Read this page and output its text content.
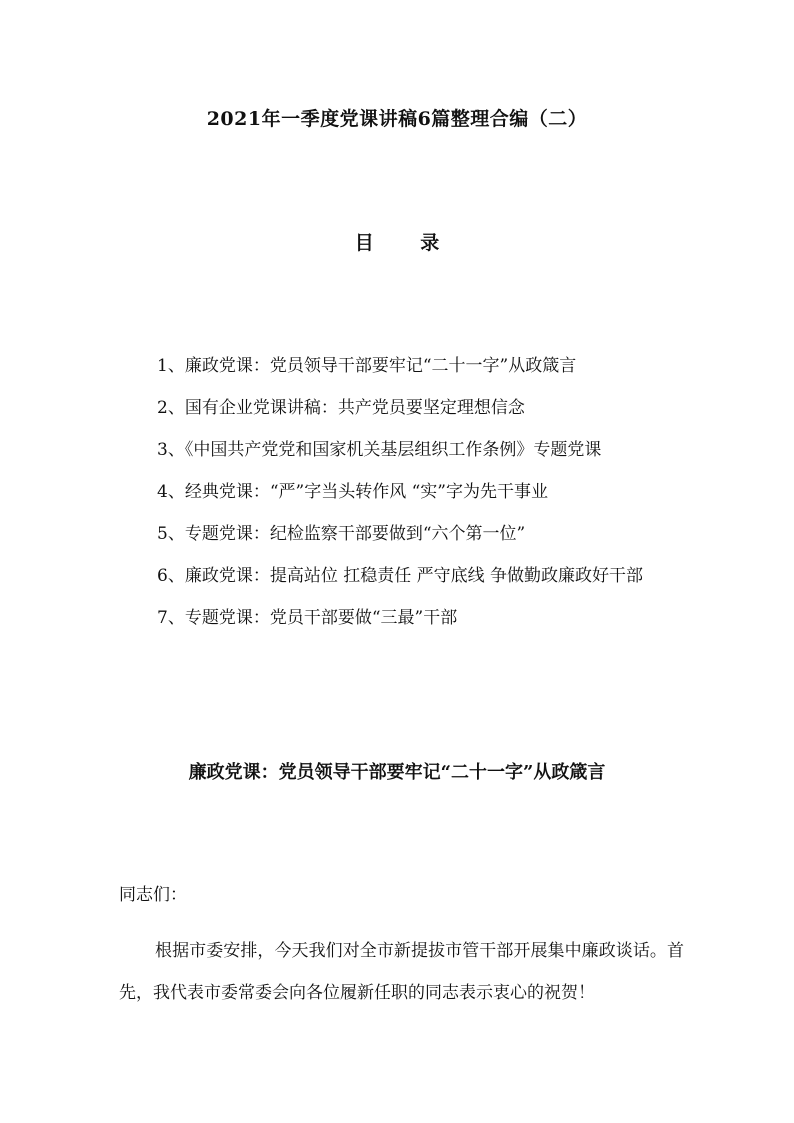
2021年一季度党课讲稿6篇整理合编（二）
目 录
1、廉政党课：党员领导干部要牢记“二十一字”从政箴言
2、国有企业党课讲稿：共产党员要坚定理想信念
3、《中国共产党党和国家机关基层组织工作条例》专题党课
4、经典党课：“严”字当头转作风 “实”字为先干事业
5、专题党课：纪检监察干部要做到“六个第一位”
6、廉政党课：提高站位 扛稳责任 严守底线 争做勤政廉政好干部
7、专题党课：党员干部要做“三最”干部
廉政党课：党员领导干部要牢记“二十一字”从政箴言
同志们：

根据市委安排，今天我们对全市新提拔市管干部开展集中廉政谈话。首先，我代表市委常委会向各位履新任职的同志表示衷心的祝贺！
